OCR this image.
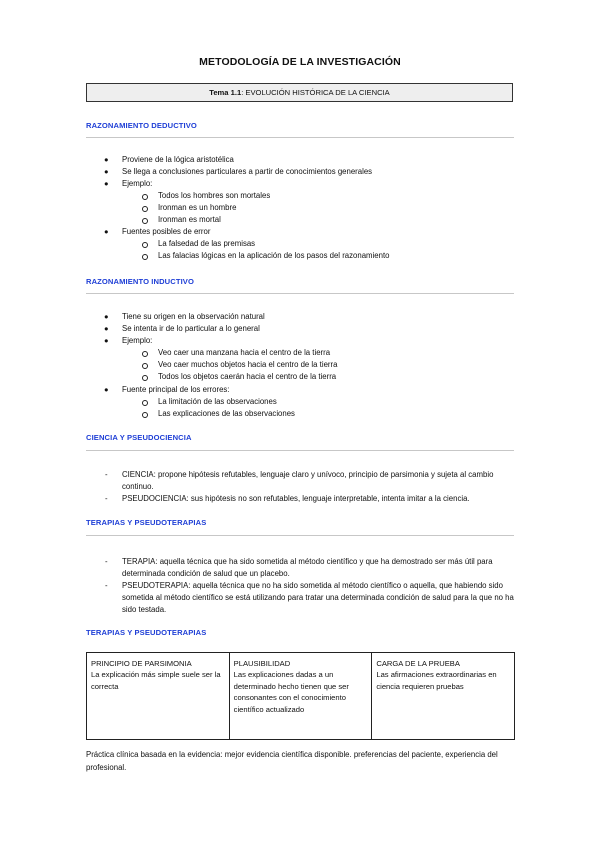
METODOLOGÍA DE LA INVESTIGACIÓN
Tema 1.1: EVOLUCIÓN HISTÓRICA DE LA CIENCIA
RAZONAMIENTO DEDUCTIVO
● Proviene de la lógica aristotélica
● Se llega a conclusiones particulares a partir de conocimientos generales
● Ejemplo:
Todos los hombres son mortales
Ironman es un hombre
Ironman es mortal
● Fuentes posibles de error
La falsedad de las premisas
Las falacias lógicas en la aplicación de los pasos del razonamiento
RAZONAMIENTO INDUCTIVO
● Tiene su origen en la observación natural
● Se intenta ir de lo particular a lo general
● Ejemplo:
Veo caer una manzana hacia el centro de la tierra
Veo caer muchos objetos hacia el centro de la tierra
Todos los objetos caerán hacia el centro de la tierra
● Fuente principal de los errores:
La limitación de las observaciones
Las explicaciones de las observaciones
CIENCIA Y PSEUDOCIENCIA
- CIENCIA: propone hipótesis refutables, lenguaje claro y unívoco, principio de parsimonia y sujeta al cambio continuo.
- PSEUDOCIENCIA: sus hipótesis no son refutables, lenguaje interpretable, intenta imitar a la ciencia.
TERAPIAS Y PSEUDOTERAPIAS
- TERAPIA: aquella técnica que ha sido sometida al método científico y que ha demostrado ser más útil para determinada condición de salud que un placebo.
- PSEUDOTERAPIA: aquella técnica que no ha sido sometida al método científico o aquella, que habiendo sido sometida al método científico se está utilizando para tratar una determinada condición de salud para la que no ha sido testada.
TERAPIAS Y PSEUDOTERAPIAS
PRINCIPIO DE PARSIMONIA
La explicación más simple suele ser la correcta
PLAUSIBILIDAD
Las explicaciones dadas a un determinado hecho tienen que ser consonantes con el conocimiento científico actualizado
CARGA DE LA PRUEBA
Las afirmaciones extraordinarias en ciencia requieren pruebas
Práctica clínica basada en la evidencia: mejor evidencia científica disponible. preferencias del paciente, experiencia del profesional.
